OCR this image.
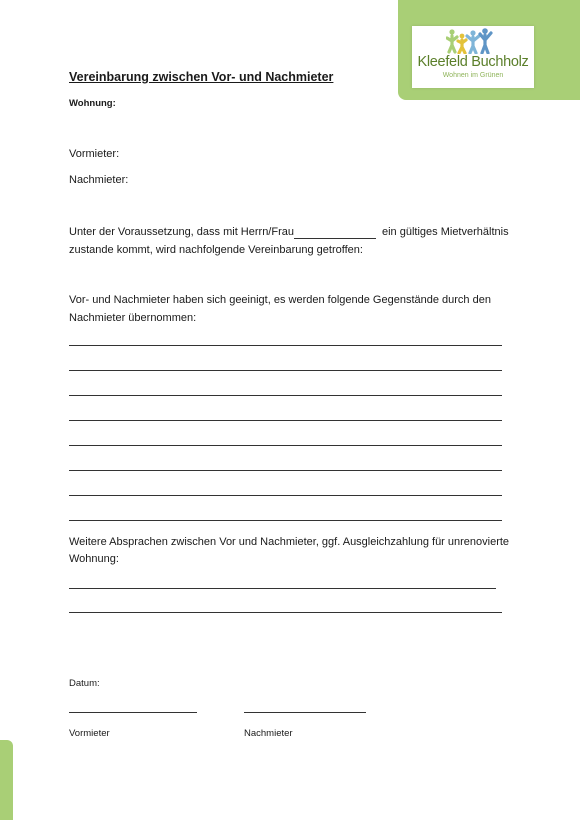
Kleefeld Buchholz
Wohnen im Grünen
Vereinbarung zwischen Vor- und Nachmieter
Wohnung:
Vormieter:
Nachmieter:
Unter der Voraussetzung, dass mit Herrn/Frau	ein gültiges Mietverhältnis
zustande kommt, wird nachfolgende Vereinbarung getroffen:
Vor- und Nachmieter haben sich geeinigt, es werden folgende Gegenstände durch den
Nachmieter übernommen:
Weitere Absprachen zwischen Vor und Nachmieter, ggf. Ausgleichzahlung für unrenovierte
Wohnung:
Datum:
Vormieter	Nachmieter
